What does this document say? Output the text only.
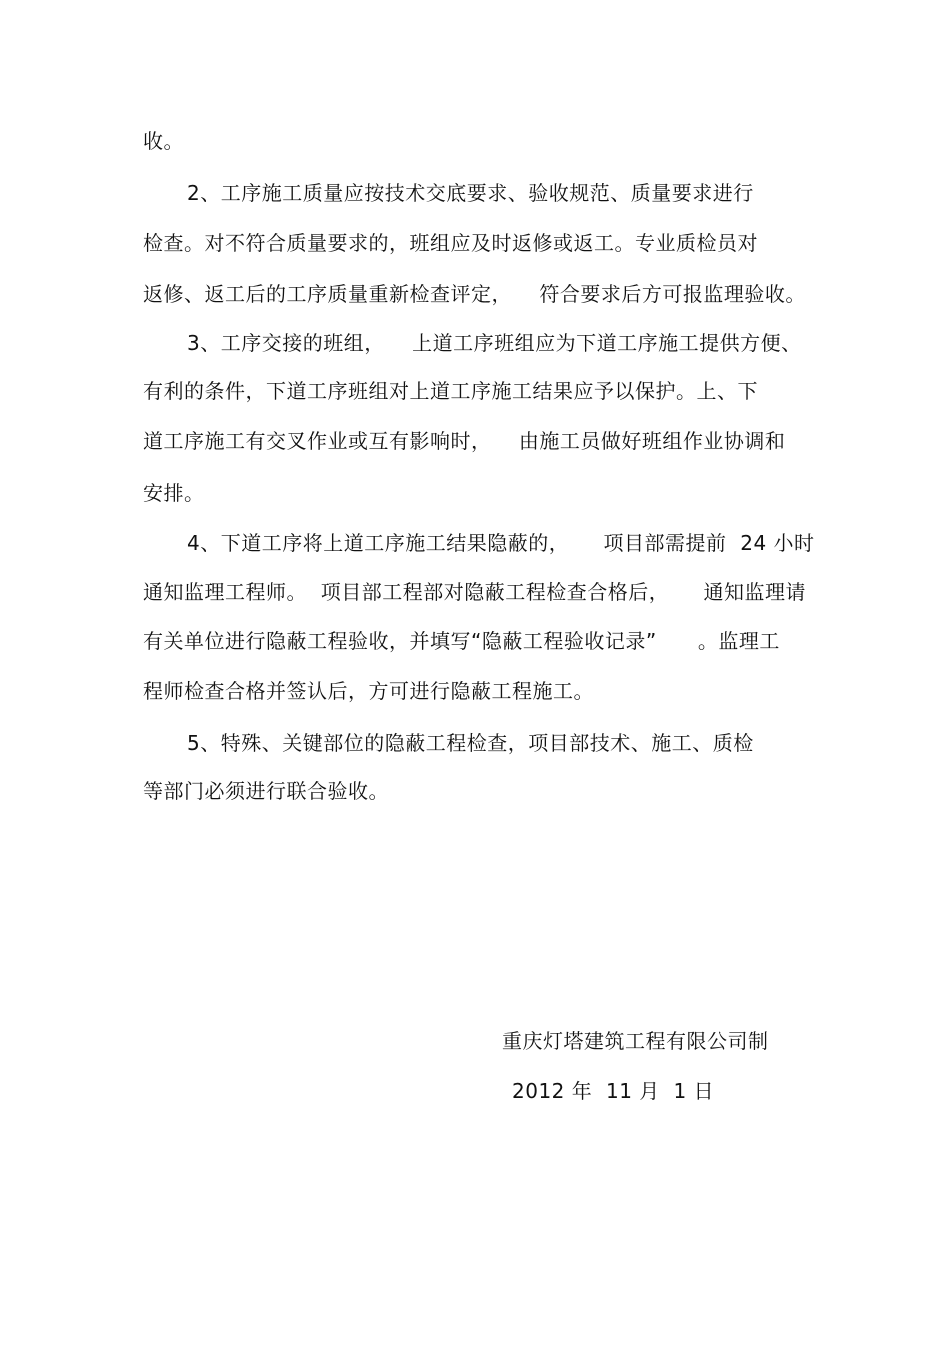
收。
2、工序施工质量应按技术交底要求、验收规范、质量要求进行
检查。对不符合质量要求的，班组应及时返修或返工。专业质检员对
返修、返工后的工序质量重新检查评定，    符合要求后方可报监理验收。
3、工序交接的班组，    上道工序班组应为下道工序施工提供方便、
有利的条件，下道工序班组对上道工序施工结果应予以保护。上、下
道工序施工有交叉作业或互有影响时，    由施工员做好班组作业协调和
安排。
4、下道工序将上道工序施工结果隐蔽的，     项目部需提前  24 小时
通知监理工程师。  项目部工程部对隐蔽工程检查合格后，     通知监理请
有关单位进行隐蔽工程验收，并填写“隐蔽工程验收记录”      。监理工
程师检查合格并签认后，方可进行隐蔽工程施工。
5、特殊、关键部位的隐蔽工程检查，项目部技术、施工、质检
等部门必须进行联合验收。
重庆灯塔建筑工程有限公司制
2012 年  11 月  1 日
